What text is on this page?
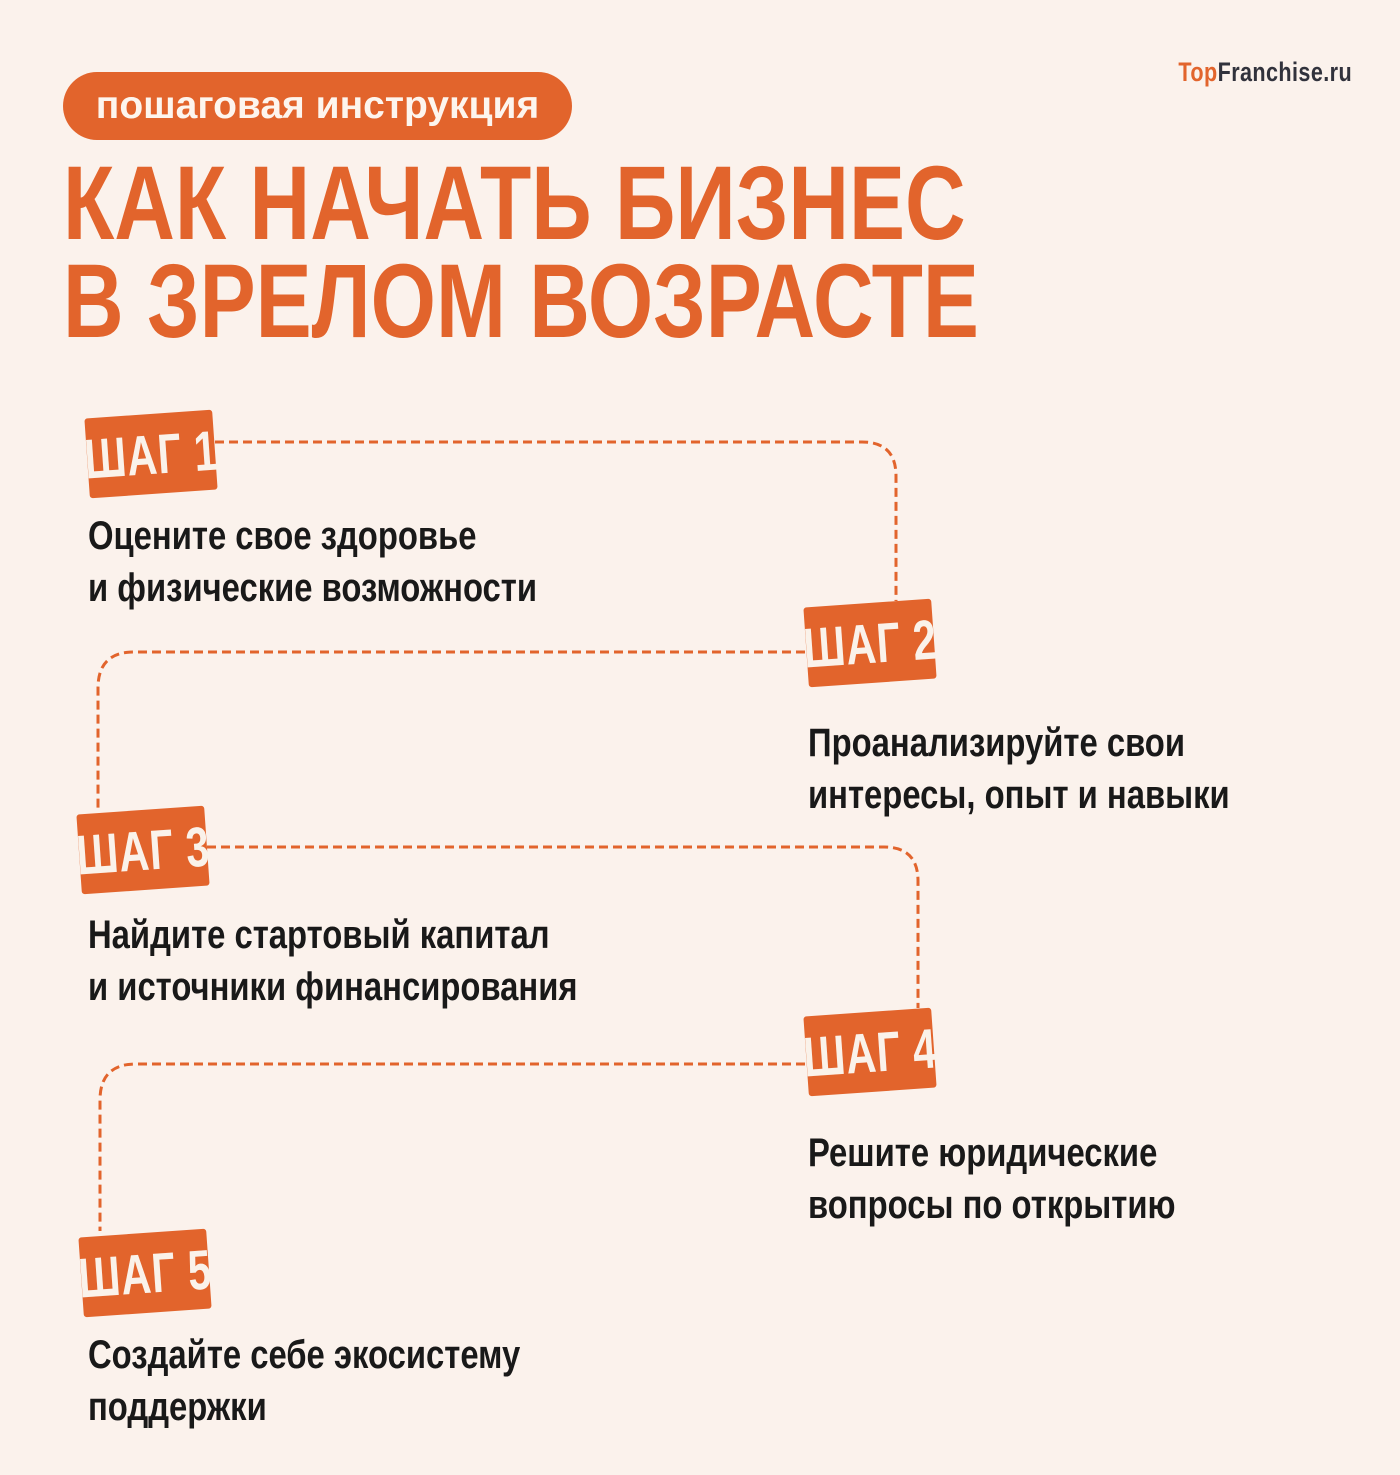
TopFranchise.ru
пошаговая инструкция
КАК НАЧАТЬ БИЗНЕС
В ЗРЕЛОМ ВОЗРАСТЕ
ШАГ 1
Оцените свое здоровье
и физические возможности
ШАГ 2
Проанализируйте свои
интересы, опыт и навыки
ШАГ 3
Найдите стартовый капитал
и источники финансирования
ШАГ 4
Решите юридические
вопросы по открытию
ШАГ 5
Создайте себе экосистему
поддержки
